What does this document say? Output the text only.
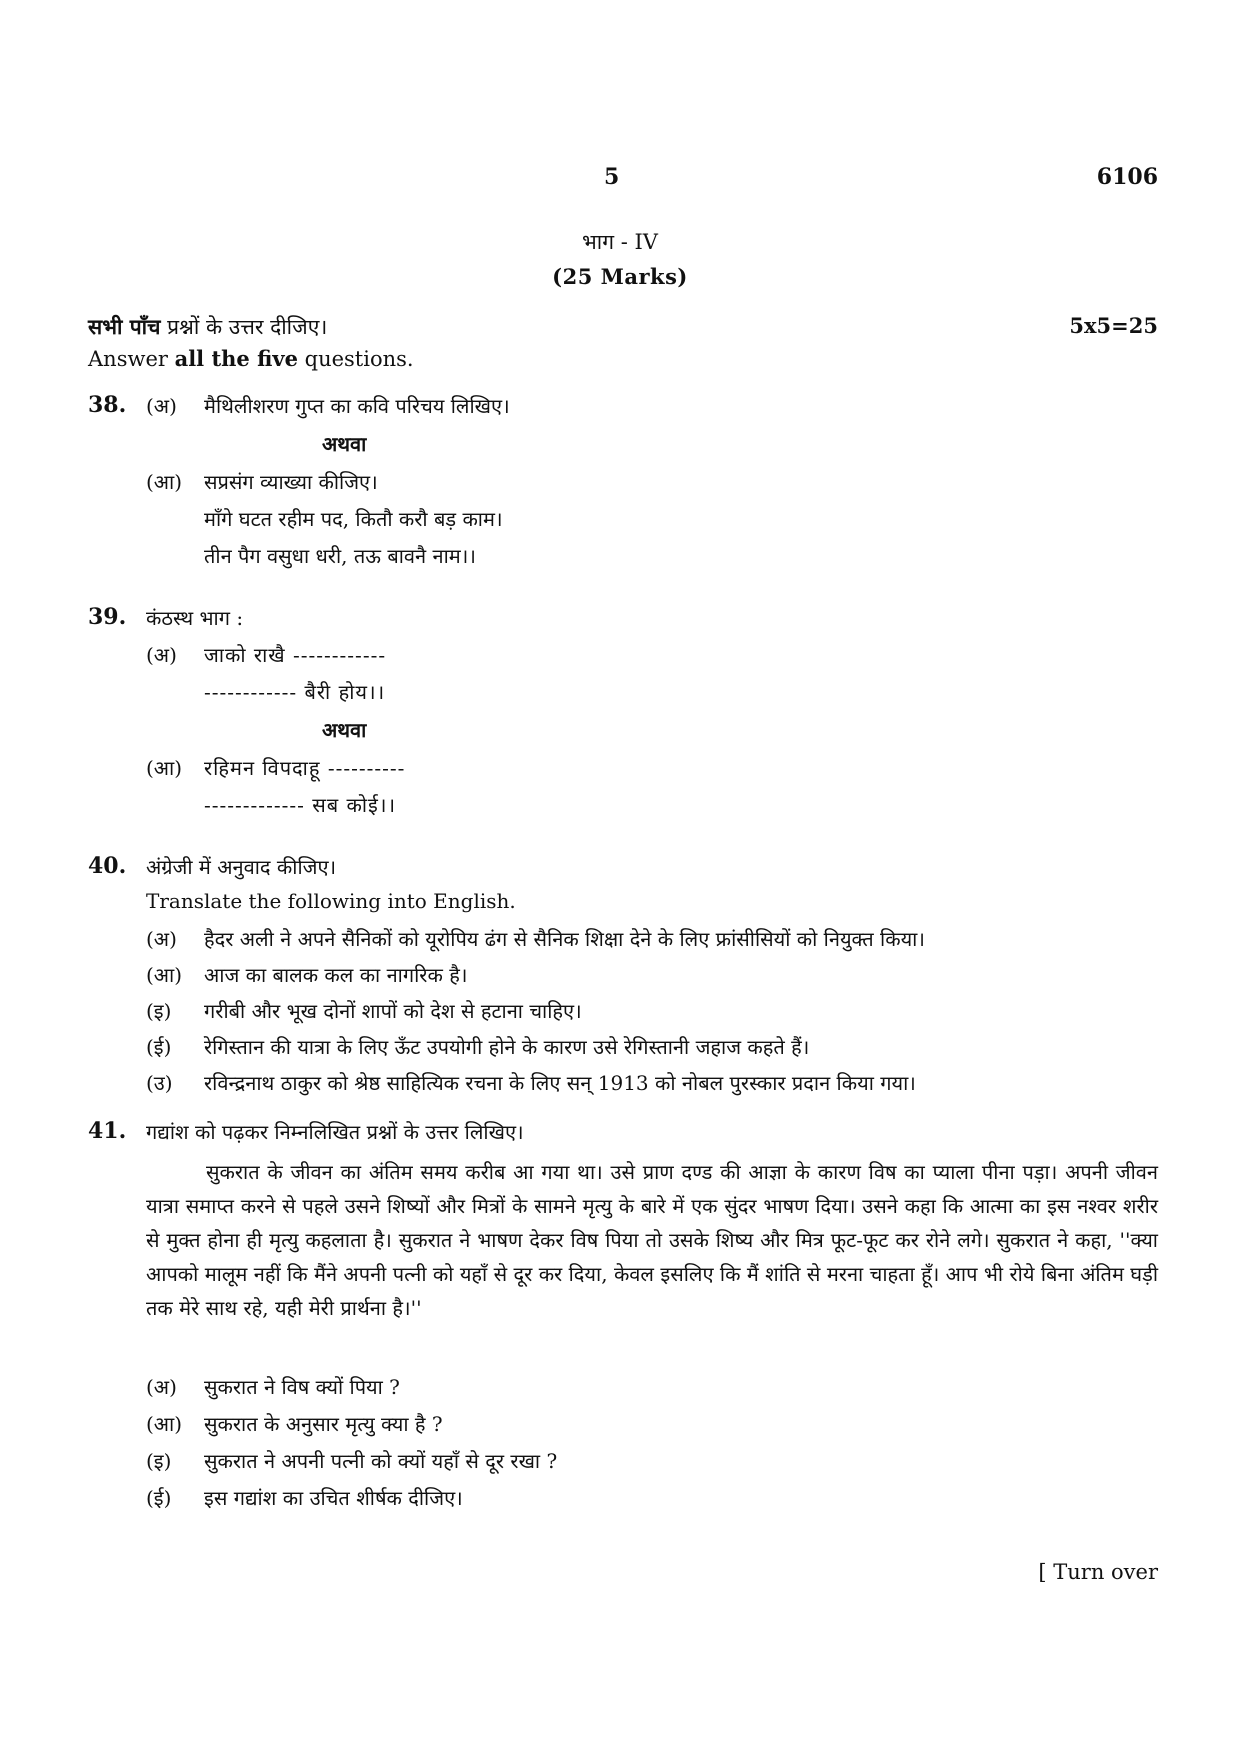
5	6106
भाग - IV
(25 Marks)
सभी पाँच प्रश्नों के उत्तर दीजिए।	5x5=25
Answer all the five questions.
38. (अ) मैथिलीशरण गुप्त का कवि परिचय लिखिए।
अथवा
(आ) सप्रसंग व्याख्या कीजिए।
माँगे घटत रहीम पद, कितौ करौ बड़ काम।
तीन पैग वसुधा धरी, तऊ बावनै नाम।।
39. कंठस्थ भाग :
(अ) जाको राखै ------------
------------ बैरी होय।।
अथवा
(आ) रहिमन विपदाहू ----------
------------- सब कोई।।
40. अंग्रेजी में अनुवाद कीजिए।
Translate the following into English.
(अ) हैदर अली ने अपने सैनिकों को यूरोपिय ढंग से सैनिक शिक्षा देने के लिए फ्रांसीसियों को नियुक्त किया।
(आ) आज का बालक कल का नागरिक है।
(इ) गरीबी और भूख दोनों शापों को देश से हटाना चाहिए।
(ई) रेगिस्तान की यात्रा के लिए ऊँट उपयोगी होने के कारण उसे रेगिस्तानी जहाज कहते हैं।
(उ) रविन्द्रनाथ ठाकुर को श्रेष्ठ साहित्यिक रचना के लिए सन् 1913 को नोबल पुरस्कार प्रदान किया गया।
41. गद्यांश को पढ़कर निम्नलिखित प्रश्नों के उत्तर लिखिए।

सुकरात के जीवन का अंतिम समय करीब आ गया था। उसे प्राण दण्ड की आज्ञा के कारण विष का प्याला पीना पड़ा। अपनी जीवन यात्रा समाप्त करने से पहले उसने शिष्यों और मित्रों के सामने मृत्यु के बारे में एक सुंदर भाषण दिया। उसने कहा कि आत्मा का इस नश्वर शरीर से मुक्त होना ही मृत्यु कहलाता है। सुकरात ने भाषण देकर विष पिया तो उसके शिष्य और मित्र फूट-फूट कर रोने लगे। सुकरात ने कहा, ''क्या आपको मालूम नहीं कि मैंने अपनी पत्नी को यहाँ से दूर कर दिया, केवल इसलिए कि मैं शांति से मरना चाहता हूँ। आप भी रोये बिना अंतिम घड़ी तक मेरे साथ रहे, यही मेरी प्रार्थना है।''

(अ) सुकरात ने विष क्यों पिया ?
(आ) सुकरात के अनुसार मृत्यु क्या है ?
(इ) सुकरात ने अपनी पत्नी को क्यों यहाँ से दूर रखा ?
(ई) इस गद्यांश का उचित शीर्षक दीजिए।
[ Turn over
